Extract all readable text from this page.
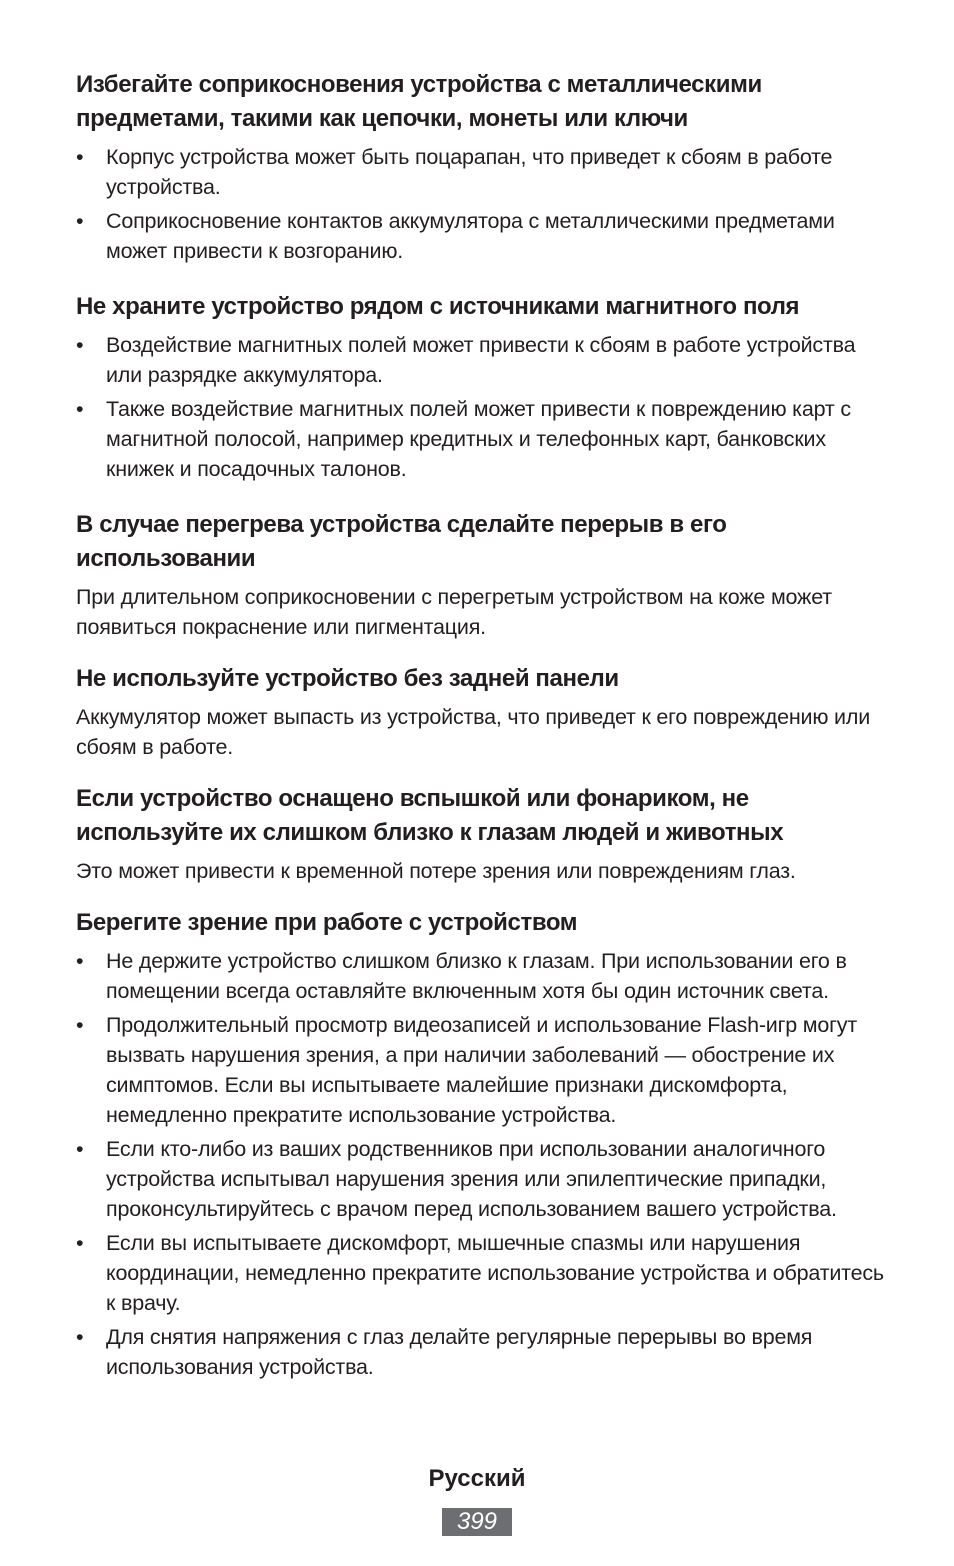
Избегайте соприкосновения устройства с металлическими предметами, такими как цепочки, монеты или ключи
•	Корпус устройства может быть поцарапан, что приведет к сбоям в работе устройства.
•	Соприкосновение контактов аккумулятора с металлическими предметами может привести к возгоранию.
Не храните устройство рядом с источниками магнитного поля
•	Воздействие магнитных полей может привести к сбоям в работе устройства или разрядке аккумулятора.
•	Также воздействие магнитных полей может привести к повреждению карт с магнитной полосой, например кредитных и телефонных карт, банковских книжек и посадочных талонов.
В случае перегрева устройства сделайте перерыв в его использовании

При длительном соприкосновении с перегретым устройством на коже может появиться покраснение или пигментация.

Не используйте устройство без задней панели

Аккумулятор может выпасть из устройства, что приведет к его повреждению или сбоям в работе.

Если устройство оснащено вспышкой или фонариком, не используйте их слишком близко к глазам людей и животных

Это может привести к временной потере зрения или повреждениям глаз.

Берегите зрение при работе с устройством
•	Не держите устройство слишком близко к глазам. При использовании его в помещении всегда оставляйте включенным хотя бы один источник света.
•	Продолжительный просмотр видеозаписей и использование Flash-игр могут вызвать нарушения зрения, а при наличии заболеваний — обострение их симптомов. Если вы испытываете малейшие признаки дискомфорта, немедленно прекратите использование устройства.
•	Если кто-либо из ваших родственников при использовании аналогичного устройства испытывал нарушения зрения или эпилептические припадки, проконсультируйтесь с врачом перед использованием вашего устройства.
•	Если вы испытываете дискомфорт, мышечные спазмы или нарушения координации, немедленно прекратите использование устройства и обратитесь к врачу.
•	Для снятия напряжения с глаз делайте регулярные перерывы во время использования устройства.
Русский
399
